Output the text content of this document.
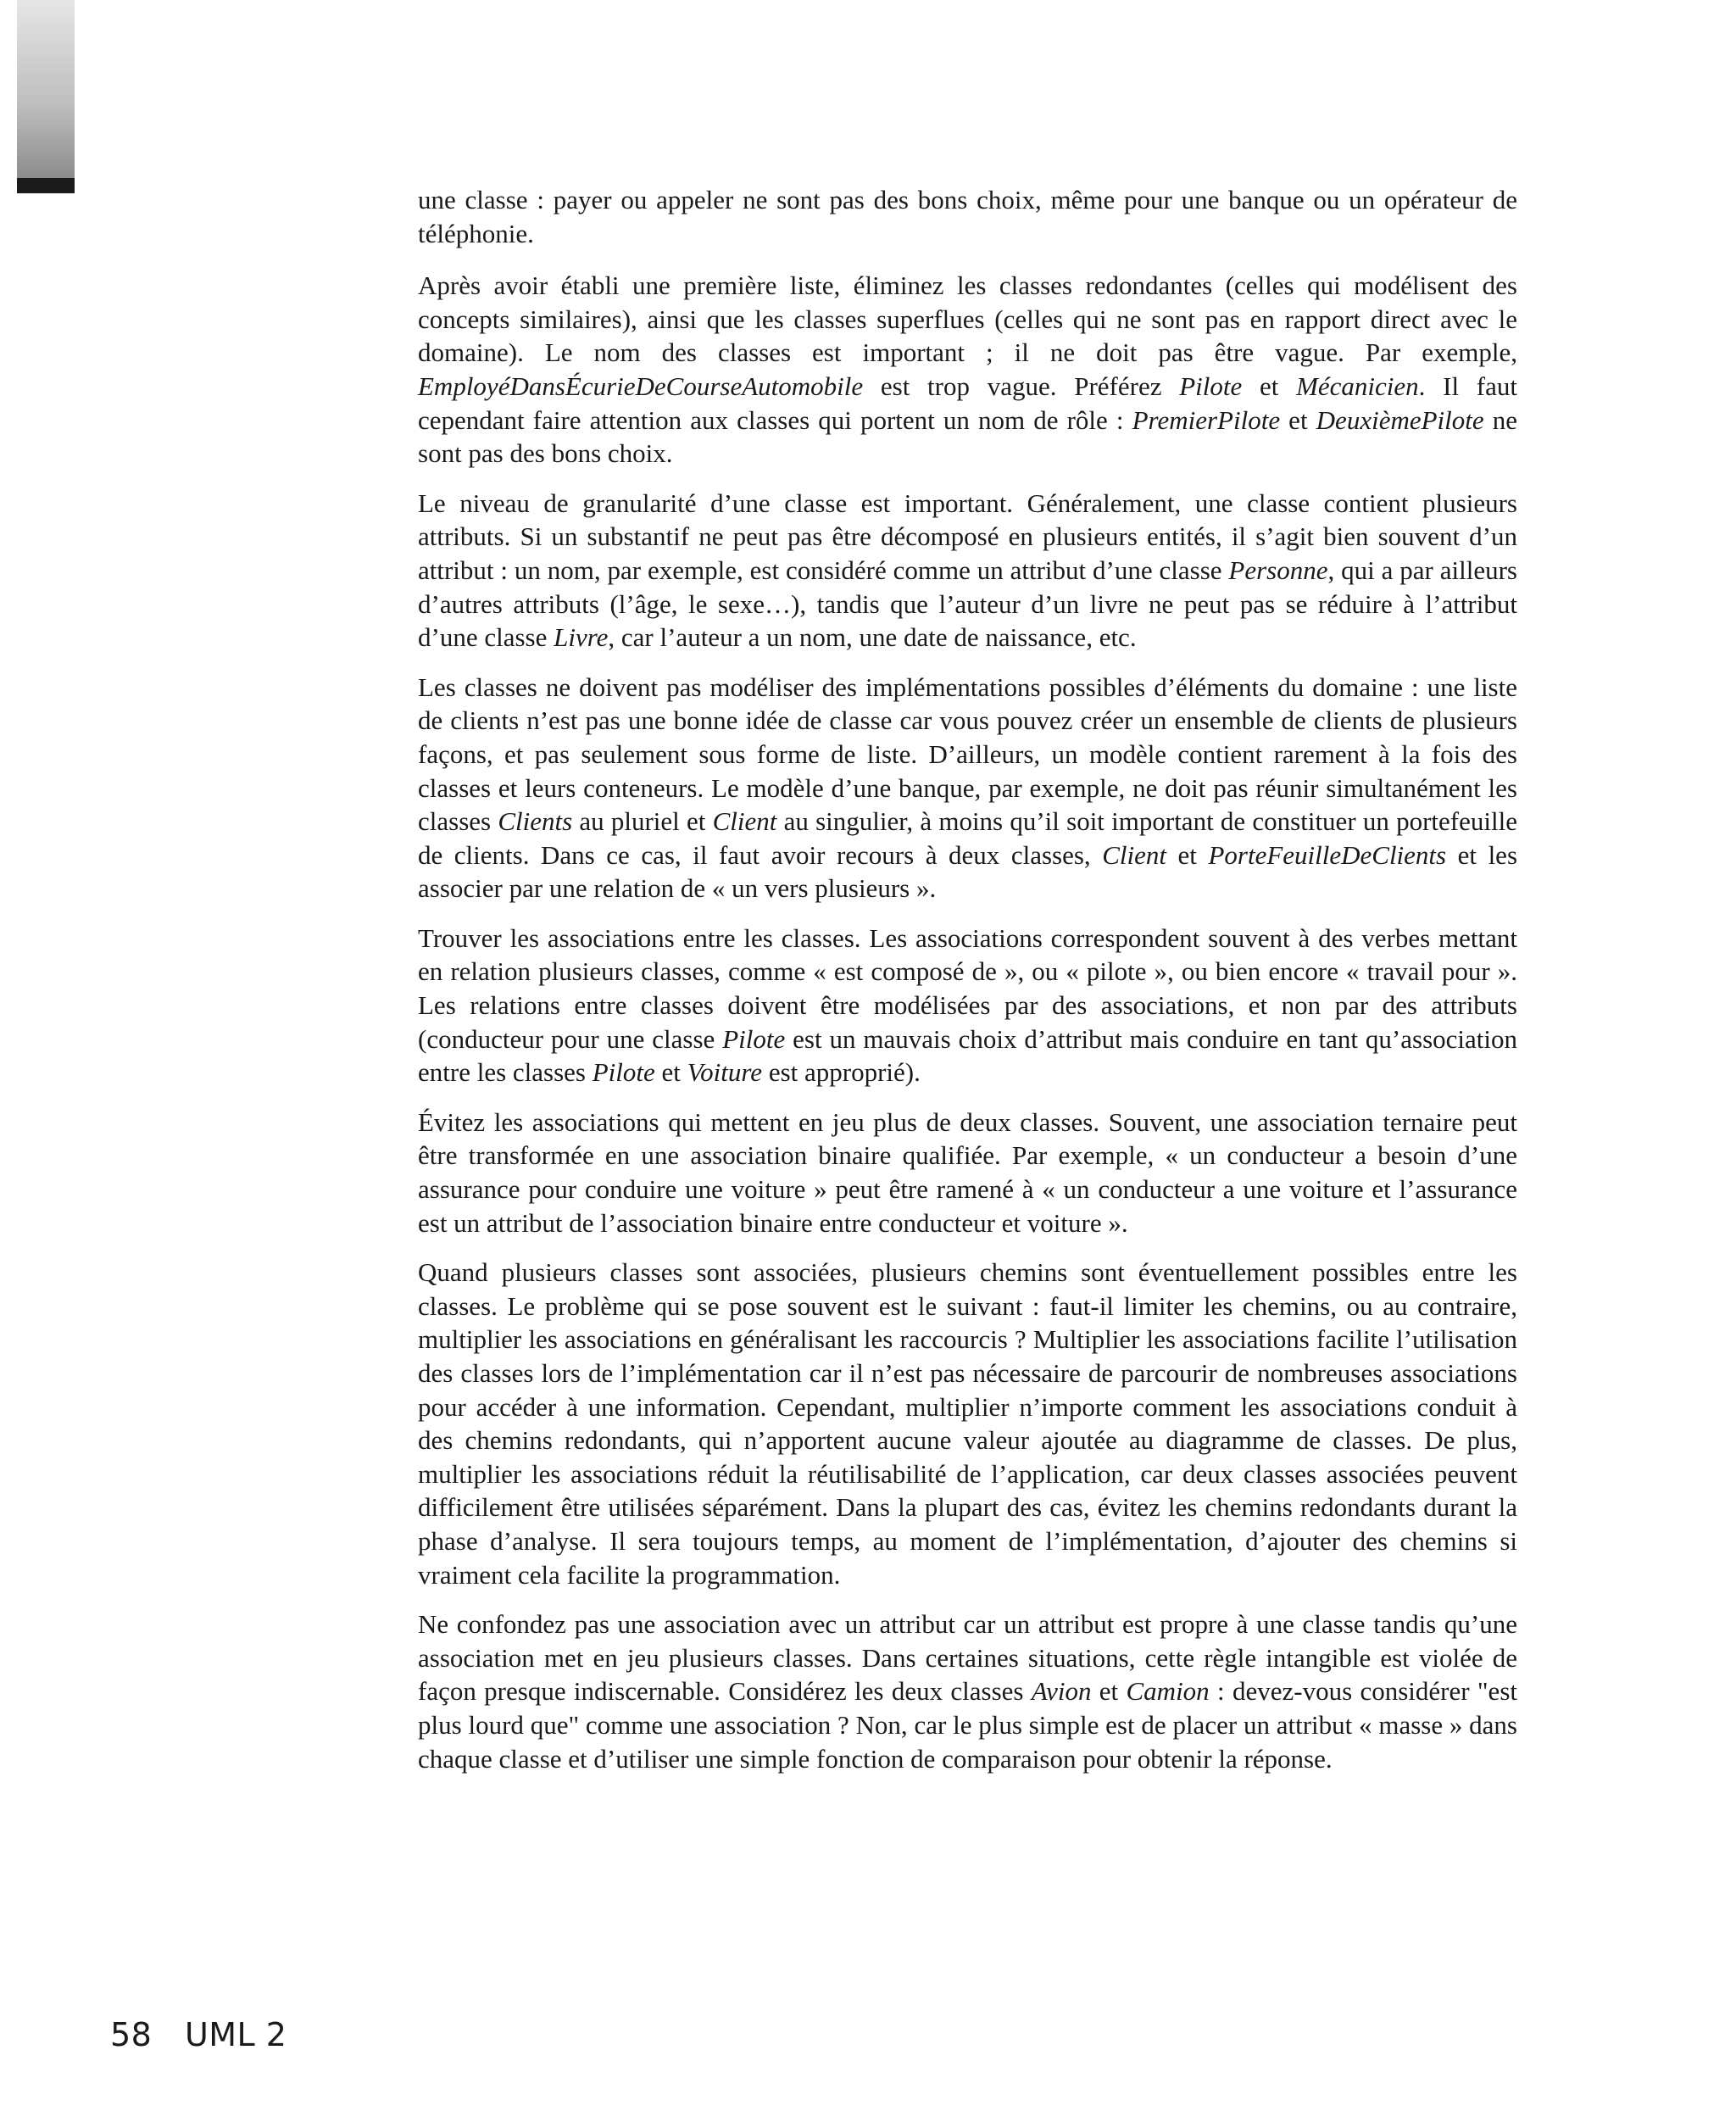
une classe : payer ou appeler ne sont pas des bons choix, même pour une banque ou un opérateur de téléphonie.

Après avoir établi une première liste, éliminez les classes redondantes (celles qui modélisent des concepts similaires), ainsi que les classes superflues (celles qui ne sont pas en rapport direct avec le domaine). Le nom des classes est important ; il ne doit pas être vague. Par exemple, EmployéDansÉcurieDeCourseAutomobile est trop vague. Préférez Pilote et Mécanicien. Il faut cependant faire attention aux classes qui portent un nom de rôle : PremierPilote et DeuxièmePilote ne sont pas des bons choix.

Le niveau de granularité d’une classe est important. Généralement, une classe contient plusieurs attributs. Si un substantif ne peut pas être décomposé en plusieurs entités, il s’agit bien souvent d’un attribut : un nom, par exemple, est considéré comme un attribut d’une classe Personne, qui a par ailleurs d’autres attributs (l’âge, le sexe…), tandis que l’auteur d’un livre ne peut pas se réduire à l’attribut d’une classe Livre, car l’auteur a un nom, une date de naissance, etc.

Les classes ne doivent pas modéliser des implémentations possibles d’éléments du domaine : une liste de clients n’est pas une bonne idée de classe car vous pouvez créer un ensemble de clients de plusieurs façons, et pas seulement sous forme de liste. D’ailleurs, un modèle contient rarement à la fois des classes et leurs conteneurs. Le modèle d’une banque, par exemple, ne doit pas réunir simultanément les classes Clients au pluriel et Client au singulier, à moins qu’il soit important de constituer un portefeuille de clients. Dans ce cas, il faut avoir recours à deux classes, Client et PorteFeuilleDeClients et les associer par une relation de « un vers plusieurs ».

Trouver les associations entre les classes. Les associations correspondent souvent à des verbes mettant en relation plusieurs classes, comme « est composé de », ou « pilote », ou bien encore « travail pour ». Les relations entre classes doivent être modélisées par des associations, et non par des attributs (conducteur pour une classe Pilote est un mauvais choix d’attribut mais conduire en tant qu’association entre les classes Pilote et Voiture est approprié).

Évitez les associations qui mettent en jeu plus de deux classes. Souvent, une association ternaire peut être transformée en une association binaire qualifiée. Par exemple, « un conducteur a besoin d’une assurance pour conduire une voiture » peut être ramené à « un conducteur a une voiture et l’assurance est un attribut de l’association binaire entre conducteur et voiture ».

Quand plusieurs classes sont associées, plusieurs chemins sont éventuellement possibles entre les classes. Le problème qui se pose souvent est le suivant : faut-il limiter les chemins, ou au contraire, multiplier les associations en généralisant les raccourcis ? Multiplier les associations facilite l’utilisation des classes lors de l’implémentation car il n’est pas nécessaire de parcourir de nombreuses associations pour accéder à une information. Cependant, multiplier n’importe comment les associations conduit à des chemins redondants, qui n’apportent aucune valeur ajoutée au diagramme de classes. De plus, multiplier les associations réduit la réutilisabilité de l’application, car deux classes associées peuvent difficilement être utilisées séparément. Dans la plupart des cas, évitez les chemins redondants durant la phase d’analyse. Il sera toujours temps, au moment de l’implémentation, d’ajouter des chemins si vraiment cela facilite la programmation.

Ne confondez pas une association avec un attribut car un attribut est propre à une classe tandis qu’une association met en jeu plusieurs classes. Dans certaines situations, cette règle intangible est violée de façon presque indiscernable. Considérez les deux classes Avion et Camion : devez-vous considérer "est plus lourd que" comme une association ? Non, car le plus simple est de placer un attribut « masse » dans chaque classe et d’utiliser une simple fonction de comparaison pour obtenir la réponse.

58 UML 2
